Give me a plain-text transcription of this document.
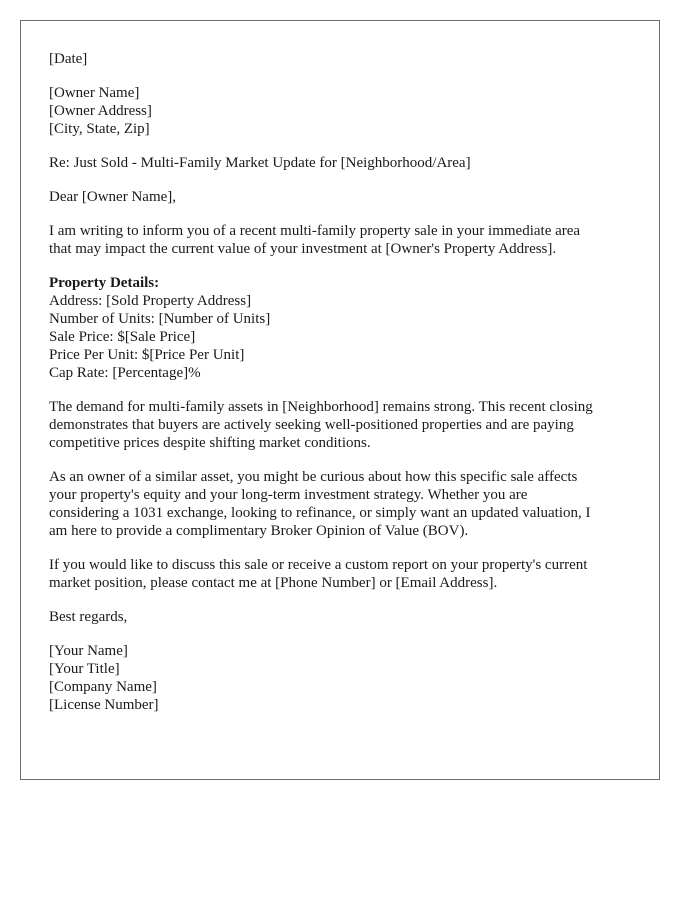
[Date]
[Owner Name]
[Owner Address]
[City, State, Zip]
Re: Just Sold - Multi-Family Market Update for [Neighborhood/Area]
Dear [Owner Name],
I am writing to inform you of a recent multi-family property sale in your immediate area
that may impact the current value of your investment at [Owner's Property Address].
Property Details:
Address: [Sold Property Address]
Number of Units: [Number of Units]
Sale Price: $[Sale Price]
Price Per Unit: $[Price Per Unit]
Cap Rate: [Percentage]%
The demand for multi-family assets in [Neighborhood] remains strong. This recent closing
demonstrates that buyers are actively seeking well-positioned properties and are paying
competitive prices despite shifting market conditions.
As an owner of a similar asset, you might be curious about how this specific sale affects
your property's equity and your long-term investment strategy. Whether you are
considering a 1031 exchange, looking to refinance, or simply want an updated valuation, I
am here to provide a complimentary Broker Opinion of Value (BOV).
If you would like to discuss this sale or receive a custom report on your property's current
market position, please contact me at [Phone Number] or [Email Address].
Best regards,
[Your Name]
[Your Title]
[Company Name]
[License Number]
